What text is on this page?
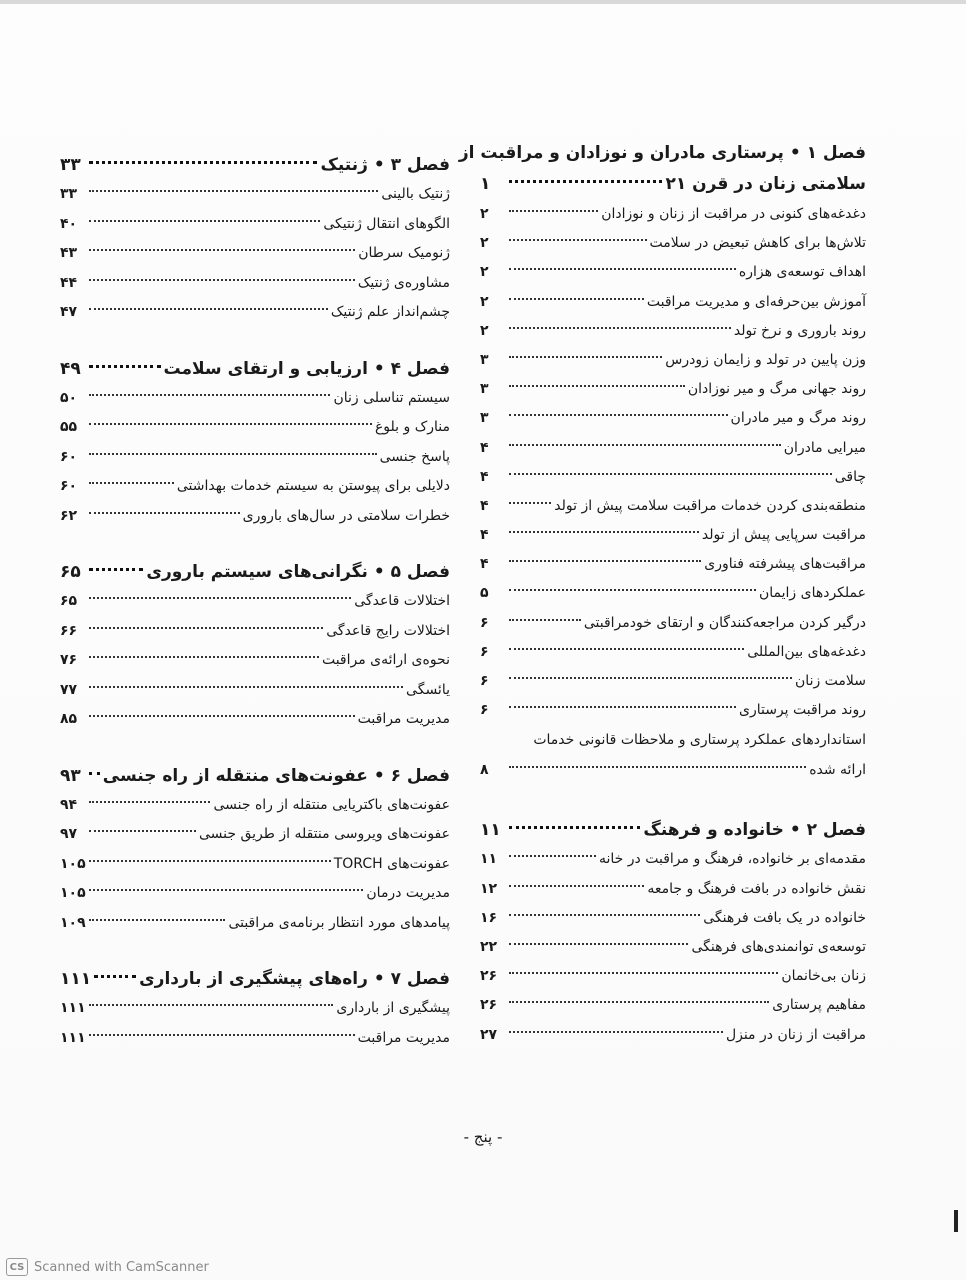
فصل ۱ • پرستاری مادران و نوزادان و مراقبت از
سلامتی زنان در قرن ۲۱
۱
دغدغه‌های کنونی در مراقبت از زنان و نوزادان
۲
تلاش‌ها برای کاهش تبعیض در سلامت
۲
اهداف توسعه‌ی هزاره
۲
آموزش بین‌حرفه‌ای و مدیریت مراقبت
۲
روند باروری و نرخ تولد
۲
وزن پایین در تولد و زایمان زودرس
۳
روند جهانی مرگ و میر نوزادان
۳
روند مرگ و میر مادران
۳
میرایی مادران
۴
چاقی
۴
منطقه‌بندی کردن خدمات مراقبت سلامت پیش از تولد
۴
مراقبت سرپایی پیش از تولد
۴
مراقبت‌های پیشرفته فناوری
۴
عملکردهای زایمان
۵
درگیر کردن مراجعه‌کنندگان و ارتقای خودمراقبتی
۶
دغدغه‌های بین‌المللی
۶
سلامت زنان
۶
روند مراقبت پرستاری
۶
استانداردهای عملکرد پرستاری و ملاحظات قانونی خدمات
ارائه شده
۸
فصل ۲ • خانواده و فرهنگ
۱۱
مقدمه‌ای بر خانواده، فرهنگ و مراقبت در خانه
۱۱
نقش خانواده در بافت فرهنگ و جامعه
۱۲
خانواده در یک بافت فرهنگی
۱۶
توسعه‌ی توانمندی‌های فرهنگی
۲۲
زنان بی‌خانمان
۲۶
مفاهیم پرستاری
۲۶
مراقبت از زنان در منزل
۲۷
فصل ۳ • ژنتیک
۳۳
ژنتیک بالینی
۳۳
الگوهای انتقال ژنتیکی
۴۰
ژنومیک سرطان
۴۳
مشاوره‌ی ژنتیک
۴۴
چشم‌انداز علم ژنتیک
۴۷
فصل ۴ • ارزیابی و ارتقای سلامت
۴۹
سیستم تناسلی زنان
۵۰
منارک و بلوغ
۵۵
پاسخ جنسی
۶۰
دلایلی برای پیوستن به سیستم خدمات بهداشتی
۶۰
خطرات سلامتی در سال‌های باروری
۶۲
فصل ۵ • نگرانی‌های سیستم باروری
۶۵
اختلالات قاعدگی
۶۵
اختلالات رایج قاعدگی
۶۶
نحوه‌ی ارائه‌ی مراقبت
۷۶
یائسگی
۷۷
مدیریت مراقبت
۸۵
فصل ۶ • عفونت‌های منتقله از راه جنسی
۹۳
عفونت‌های باکتریایی منتقله از راه جنسی
۹۴
عفونت‌های ویروسی منتقله از طریق جنسی
۹۷
عفونت‌های TORCH
۱۰۵
مدیریت درمان
۱۰۵
پیامدهای مورد انتظار برنامه‌ی مراقبتی
۱۰۹
فصل ۷ • راه‌های پیشگیری از بارداری
۱۱۱
پیشگیری از بارداری
۱۱۱
مدیریت مراقبت
۱۱۱
- پنج -
CS Scanned with CamScanner
